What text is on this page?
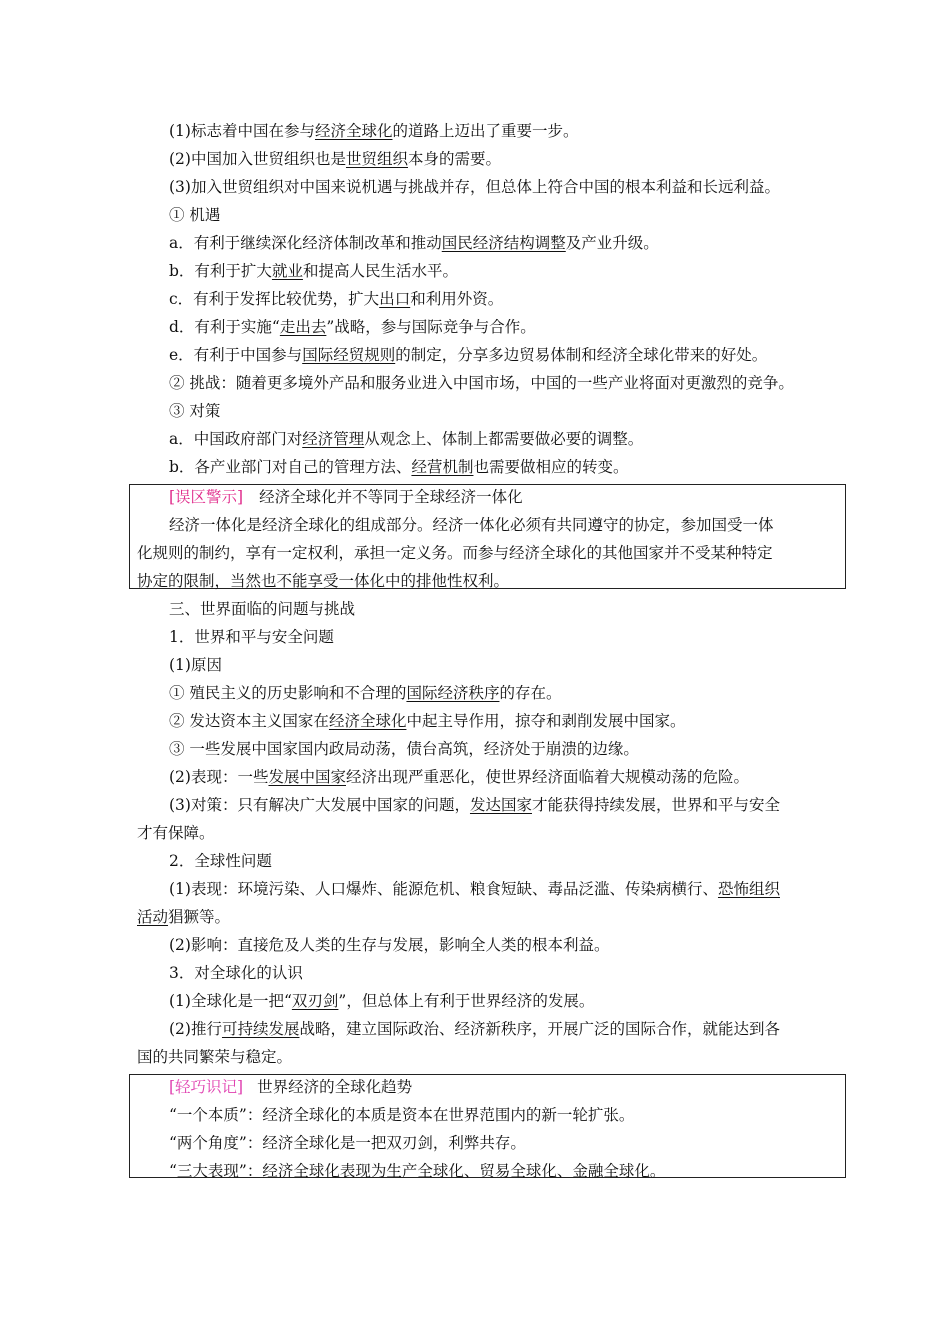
(1)标志着中国在参与经济全球化的道路上迈出了重要一步。
(2)中国加入世贸组织也是世贸组织本身的需要。
(3)加入世贸组织对中国来说机遇与挑战并存，但总体上符合中国的根本利益和长远利益。
① 机遇
a．有利于继续深化经济体制改革和推动国民经济结构调整及产业升级。
b．有利于扩大就业和提高人民生活水平。
c．有利于发挥比较优势，扩大出口和利用外资。
d．有利于实施“走出去”战略，参与国际竞争与合作。
e．有利于中国参与国际经贸规则的制定，分享多边贸易体制和经济全球化带来的好处。
② 挑战：随着更多境外产品和服务业进入中国市场，中国的一些产业将面对更激烈的竞争。
③ 对策
a．中国政府部门对经济管理从观念上、体制上都需要做必要的调整。
b．各产业部门对自己的管理方法、经营机制也需要做相应的转变。
[误区警示] 经济全球化并不等同于全球经济一体化
经济一体化是经济全球化的组成部分。经济一体化必须有共同遵守的协定，参加国受一体
化规则的制约，享有一定权利，承担一定义务。而参与经济全球化的其他国家并不受某种特定
协定的限制，当然也不能享受一体化中的排他性权利。
三、世界面临的问题与挑战
1．世界和平与安全问题
(1)原因
① 殖民主义的历史影响和不合理的国际经济秩序的存在。
② 发达资本主义国家在经济全球化中起主导作用，掠夺和剥削发展中国家。
③ 一些发展中国家国内政局动荡，债台高筑，经济处于崩溃的边缘。
(2)表现：一些发展中国家经济出现严重恶化，使世界经济面临着大规模动荡的危险。
(3)对策：只有解决广大发展中国家的问题，发达国家才能获得持续发展，世界和平与安全
才有保障。
2．全球性问题
(1)表现：环境污染、人口爆炸、能源危机、粮食短缺、毒品泛滥、传染病横行、恐怖组织
活动猖獗等。
(2)影响：直接危及人类的生存与发展，影响全人类的根本利益。
3．对全球化的认识
(1)全球化是一把“双刃剑”，但总体上有利于世界经济的发展。
(2)推行可持续发展战略，建立国际政治、经济新秩序，开展广泛的国际合作，就能达到各
国的共同繁荣与稳定。
[轻巧识记] 世界经济的全球化趋势
“一个本质”：经济全球化的本质是资本在世界范围内的新一轮扩张。
“两个角度”：经济全球化是一把双刃剑，利弊共存。
“三大表现”：经济全球化表现为生产全球化、贸易全球化、金融全球化。
